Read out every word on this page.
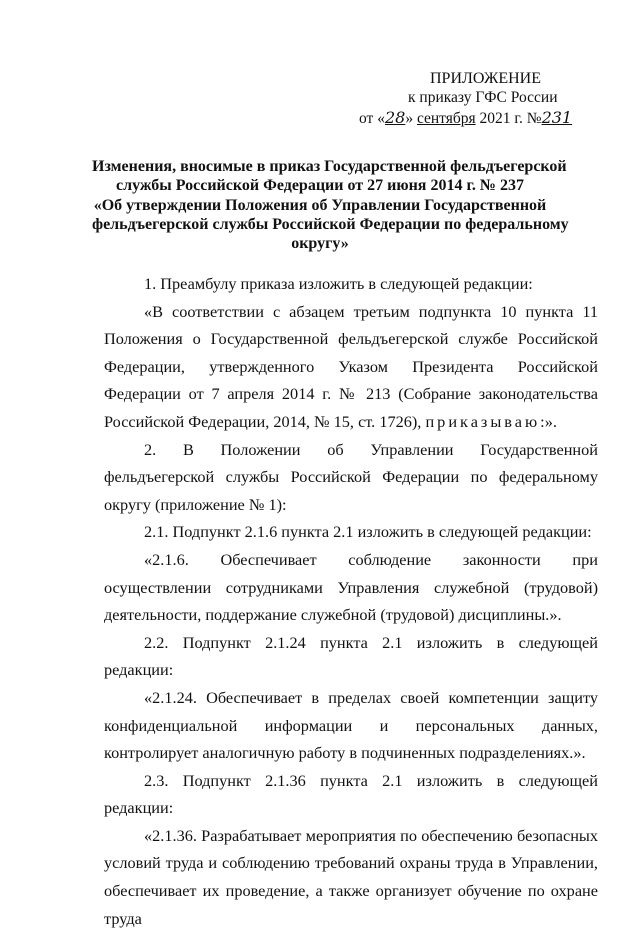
ПРИЛОЖЕНИЕ
к приказу ГФС России
от «28» сентября 2021 г. №231
Изменения, вносимые в приказ Государственной фельдъегерской
службы Российской Федерации от 27 июня 2014 г. № 237
«Об утверждении Положения об Управлении Государственной
фельдъегерской службы Российской Федерации по федеральному
округу»
1. Преамбулу приказа изложить в следующей редакции:
«В соответствии с абзацем третьим подпункта 10 пункта 11 Положения о Государственной фельдъегерской службе Российской Федерации, утвержденного Указом Президента Российской Федерации от 7 апреля 2014 г. № 213 (Собрание законодательства Российской Федерации, 2014, № 15, ст. 1726), приказываю:».
2. В Положении об Управлении Государственной фельдъегерской службы Российской Федерации по федеральному округу (приложение № 1):
2.1. Подпункт 2.1.6 пункта 2.1 изложить в следующей редакции:
«2.1.6. Обеспечивает соблюдение законности при осуществлении сотрудниками Управления служебной (трудовой) деятельности, поддержание служебной (трудовой) дисциплины.».
2.2. Подпункт 2.1.24 пункта 2.1 изложить в следующей редакции:
«2.1.24. Обеспечивает в пределах своей компетенции защиту конфиденциальной информации и персональных данных, контролирует аналогичную работу в подчиненных подразделениях.».
2.3. Подпункт 2.1.36 пункта 2.1 изложить в следующей редакции:
«2.1.36. Разрабатывает мероприятия по обеспечению безопасных условий труда и соблюдению требований охраны труда в Управлении, обеспечивает их проведение, а также организует обучение по охране труда
